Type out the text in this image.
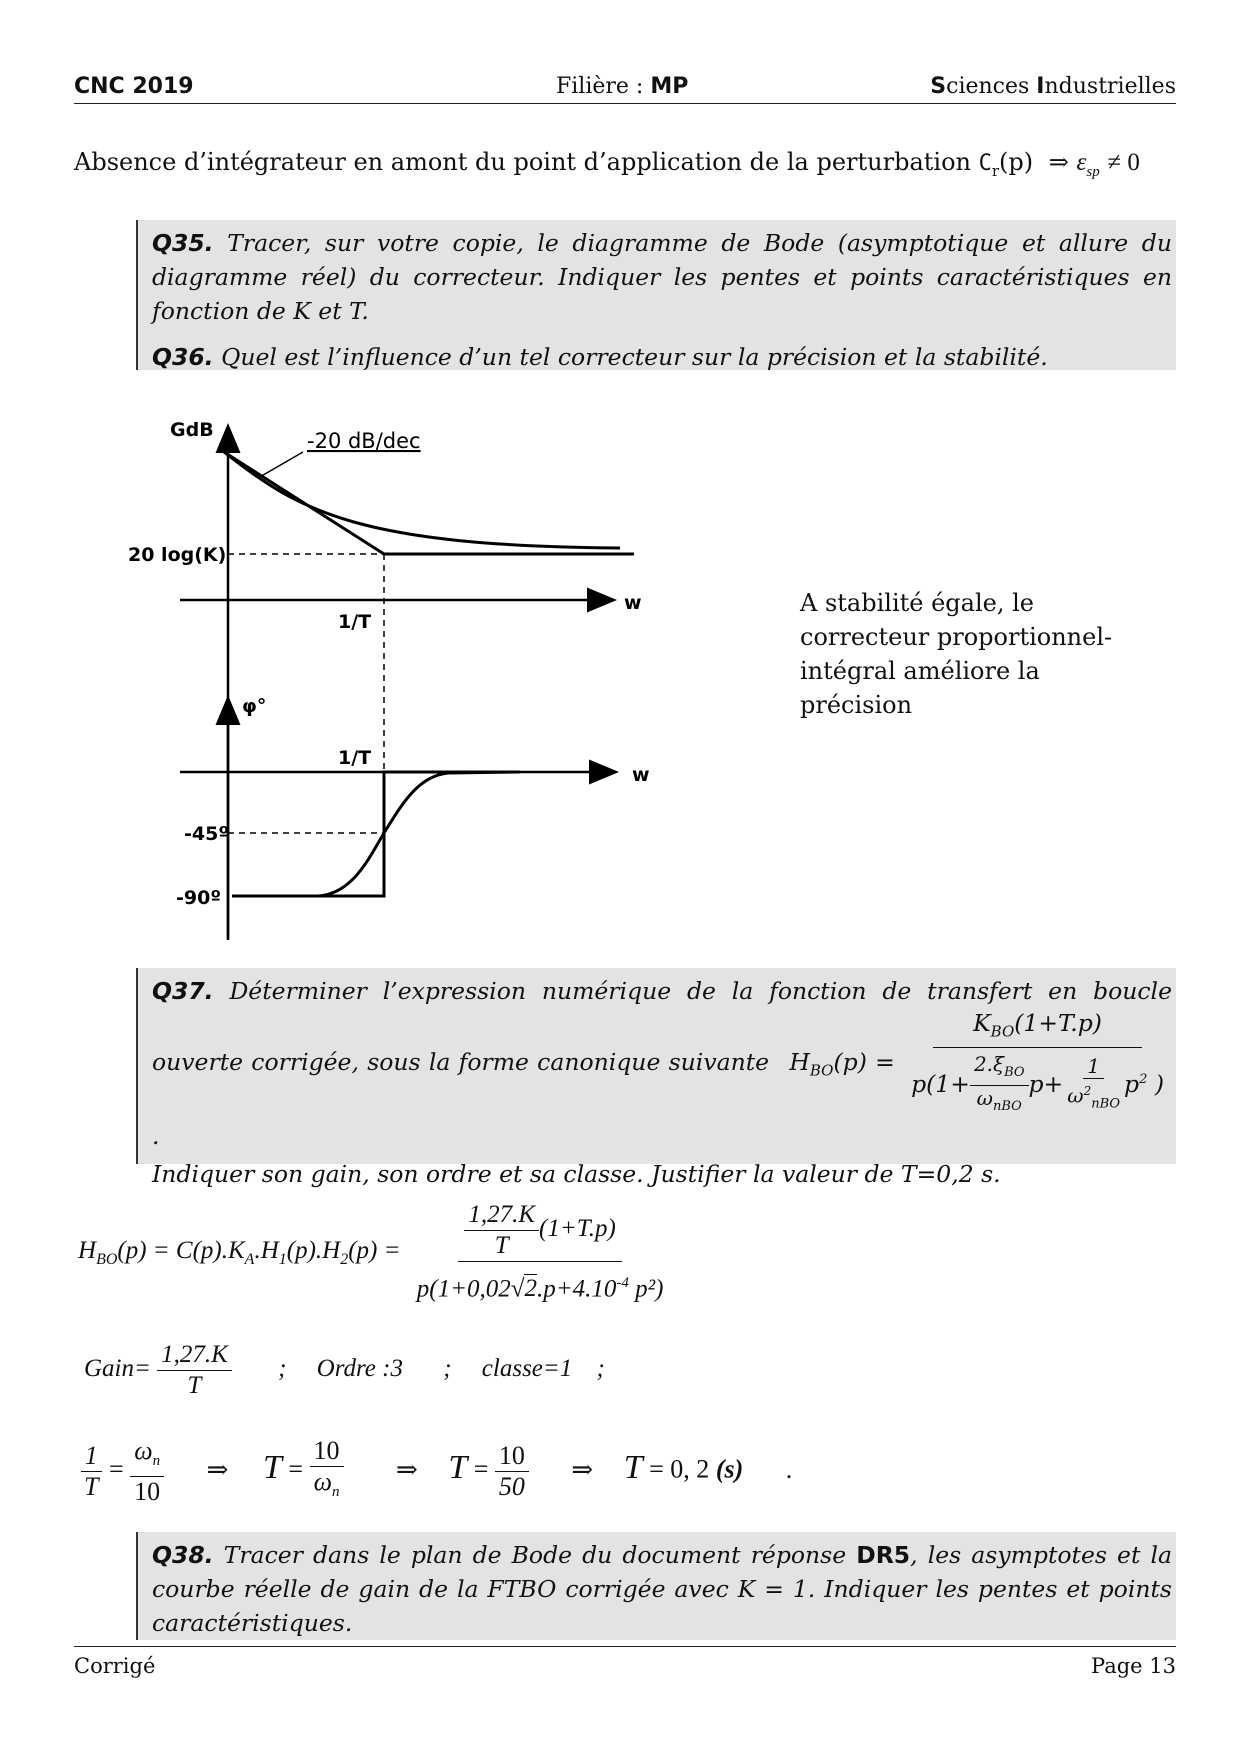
CNC 2019	Filière : MP	Sciences Industrielles
Absence d’intégrateur en amont du point d’application de la perturbation $C_r(p)$ ⇒ $\varepsilon_{sp} \ne 0$
Q35. Tracer, sur votre copie, le diagramme de Bode (asymptotique et allure du diagramme réel) du correcteur. Indiquer les pentes et points caractéristiques en fonction de K et T.
Q36. Quel est l’influence d’un tel correcteur sur la précision et la stabilité.
GdB	-20 dB/dec
20 log(K)
1/T
w
φ°
1/T
w
-45º
-90º
A stabilité égale, le
correcteur proportionnel-
intégral améliore la
précision
Q37. Déterminer l’expression numérique de la fonction de transfert en boucle ouverte corrigée, sous la forme canonique suivante $H_{BO}(p) = \frac{K_{BO}(1+T.p)}{p(1+ \frac{2.\xi_{BO}}{\omega_{nBO}} p+ \frac{1}{\omega^2_{nBO}} p^2 )}$
.
Indiquer son gain, son ordre et sa classe. Justifier la valeur de T=0,2 s.
$H_{BO}(p) = C(p).K_A.H_1(p).H_2(p) = \frac{\frac{1,27.K}{T} (1+T.p)}{p(1+0,02√2.p+4.10^{-4} p^2)}$
Gain= $\frac{1,27.K}{T}$ ; Ordre :3 ; classe=1 ;
$\frac{1}{T} = \frac{\omega_n}{10}$ ⇒ $T = \frac{10}{\omega_n}$ ⇒ $T = \frac{10}{50}$ ⇒ T = 0, 2 (s) .
Q38. Tracer dans le plan de Bode du document réponse DR5, les asymptotes et la courbe réelle de gain de la FTBO corrigée avec K = 1. Indiquer les pentes et points caractéristiques.
Corrigé	Page 13
